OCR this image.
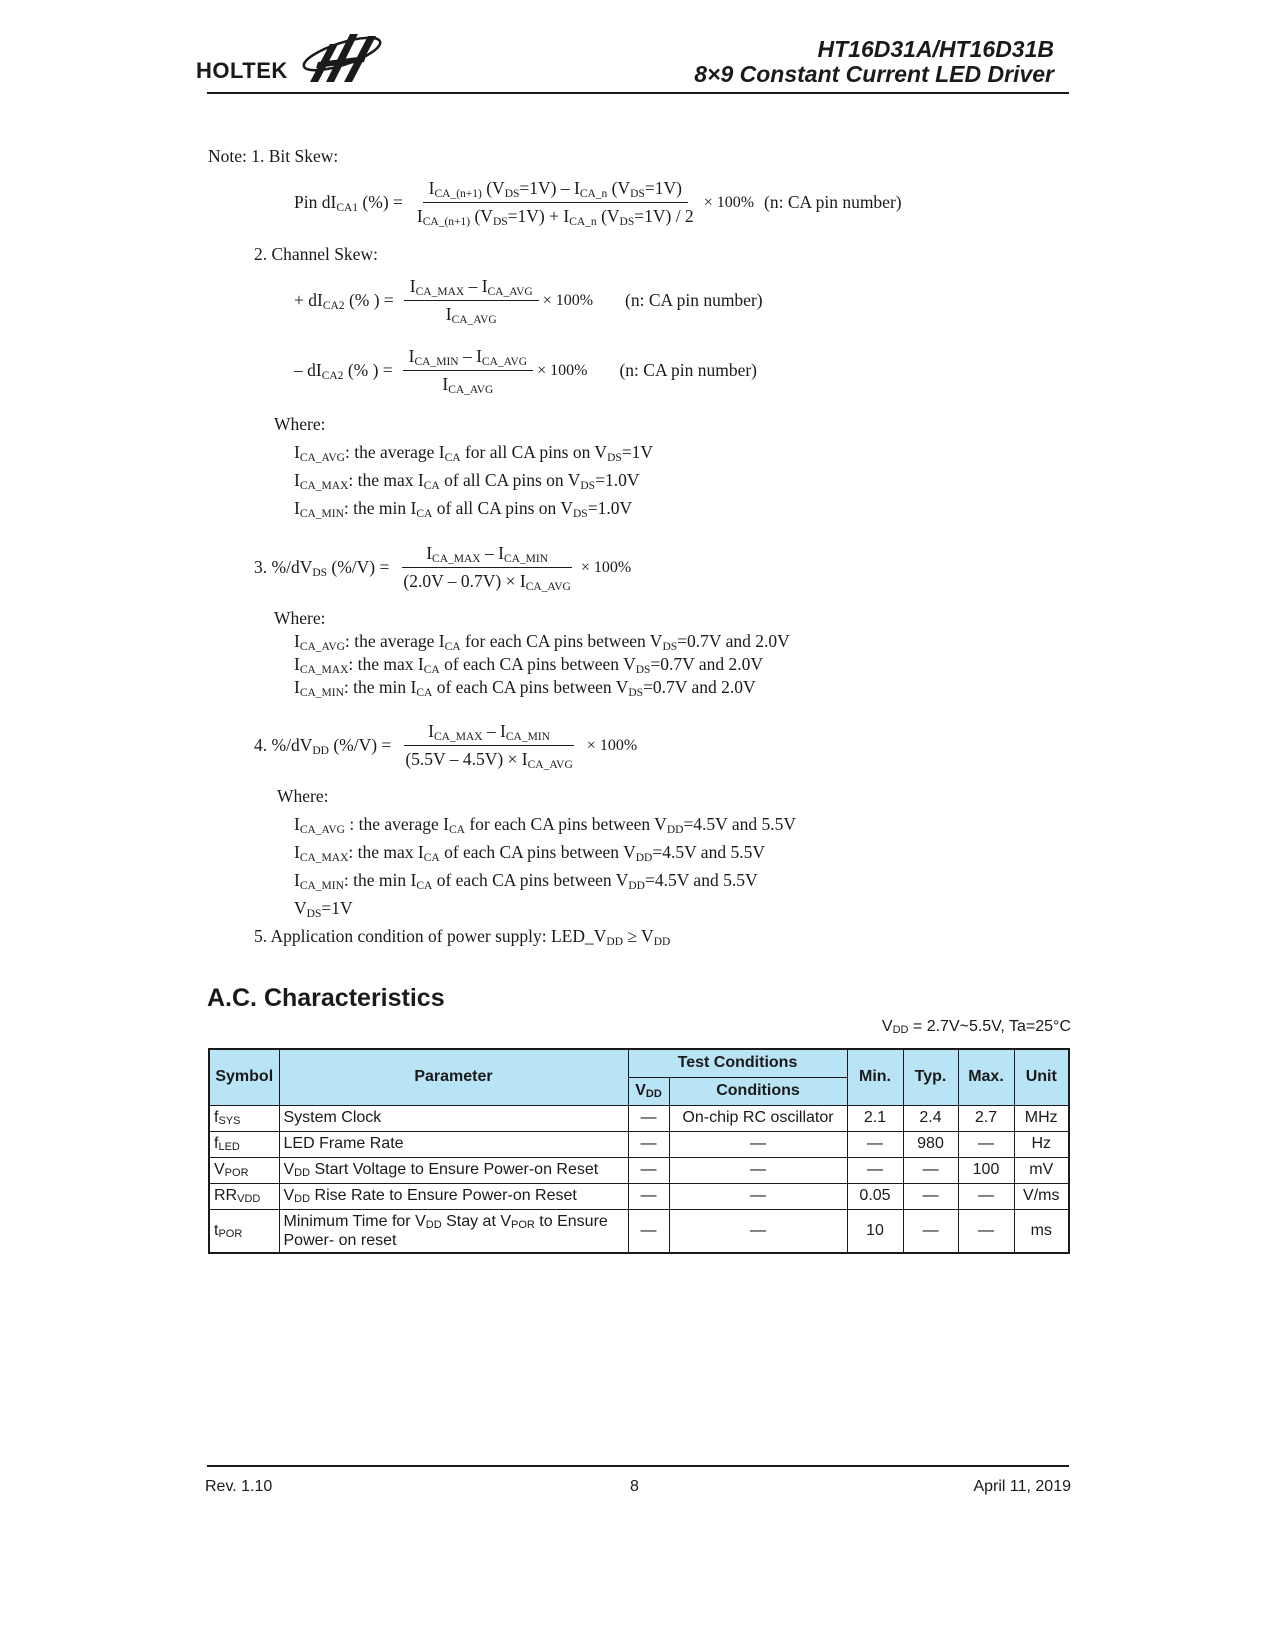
HOLTEK
HT16D31A/HT16D31B
8×9 Constant Current LED Driver
Note: 1. Bit Skew:
Pin $dI_{CA1}$ (%) = $\frac{I_{CA\_(n+1)} (V_{DS}=1V) - I_{CA\_n} (V_{DS}=1V)}{I_{CA\_(n+1)} (V_{DS}=1V) + I_{CA\_n} (V_{DS}=1V) / 2} \times 100\%$ (n: CA pin number)
2. Channel Skew:
+ $dI_{CA2}$ (% ) = $\frac{I_{CA\_MAX} - I_{CA\_AVG}}{I_{CA\_AVG}} \times 100\%$ (n: CA pin number)
– $dI_{CA2}$ (% ) = $\frac{I_{CA\_MIN} - I_{CA\_AVG}}{I_{CA\_AVG}} \times 100\%$ (n: CA pin number)
Where:
$I_{CA\_AVG}$: the average $I_{CA}$ for all CA pins on $V_{DS}=1V$
$I_{CA\_MAX}$: the $\max I_{CA}$ of all CA pins on $V_{DS}=1.0V$
$I_{CA\_MIN}$: the $\min I_{CA}$ of all CA pins on $V_{DS}=1.0V$
3. $\%/dV_{DS}$ $(\%/V) = \frac{I_{CA\_MAX} - I_{CA\_MIN}}{(2.0V - 0.7V) \times I_{CA\_AVG}} \times 100\%$
Where:
$I_{CA\_AVG}$: the average $I_{CA}$ for each CA pins between $V_{DS}=0.7V$ and 2.0V
$I_{CA\_MAX}$: the $\max I_{CA}$ of each CA pins between $V_{DS}=0.7V$ and 2.0V
$I_{CA\_MIN}$: the $\min I_{CA}$ of each CA pins between $V_{DS}=0.7V$ and 2.0V
4. $\%/dV_{DD}$ $(\%/V) = \frac{I_{CA\_MAX} - I_{CA\_MIN}}{(5.5V - 4.5V) \times I_{CA\_AVG}} \times 100\%$
Where:
$I_{CA\_AVG}$ : the average $I_{CA}$ for each CA pins between $V_{DD}=4.5V$ and 5.5V
$I_{CA\_MAX}$: the $\max I_{CA}$ of each CA pins between $V_{DD}=4.5V$ and 5.5V
$I_{CA\_MIN}$: the $\min I_{CA}$ of each CA pins between $V_{DD}=4.5V$ and 5.5V
$V_{DS}=1V$
5. Application condition of power supply: $LED\_V_{DD} \ge V_{DD}$
A.C. Characteristics
$V_{DD}$ = 2.7V~5.5V, Ta=25°C
Symbol	Parameter	Test Conditions		Min.	Typ.	Max.	Unit
		$V_{DD}$	Conditions				
$f_{SYS}$	System Clock	—	On-chip RC oscillator	2.1	2.4	2.7	MHz
$f_{LED}$	LED Frame Rate	—	—	—	980	—	Hz
$V_{POR}$	$V_{DD}$ Start Voltage to Ensure Power-on Reset	—	—	—	—	100	mV
$RR_{VDD}$	$V_{DD}$ Rise Rate to Ensure Power-on Reset	—	—	0.05	—	—	V/ms
$t_{POR}$	Minimum Time for $V_{DD}$ Stay at $V_{POR}$ to Ensure Power- on reset	—	—	10	—	—	ms
Rev. 1.10	8	April 11, 2019
